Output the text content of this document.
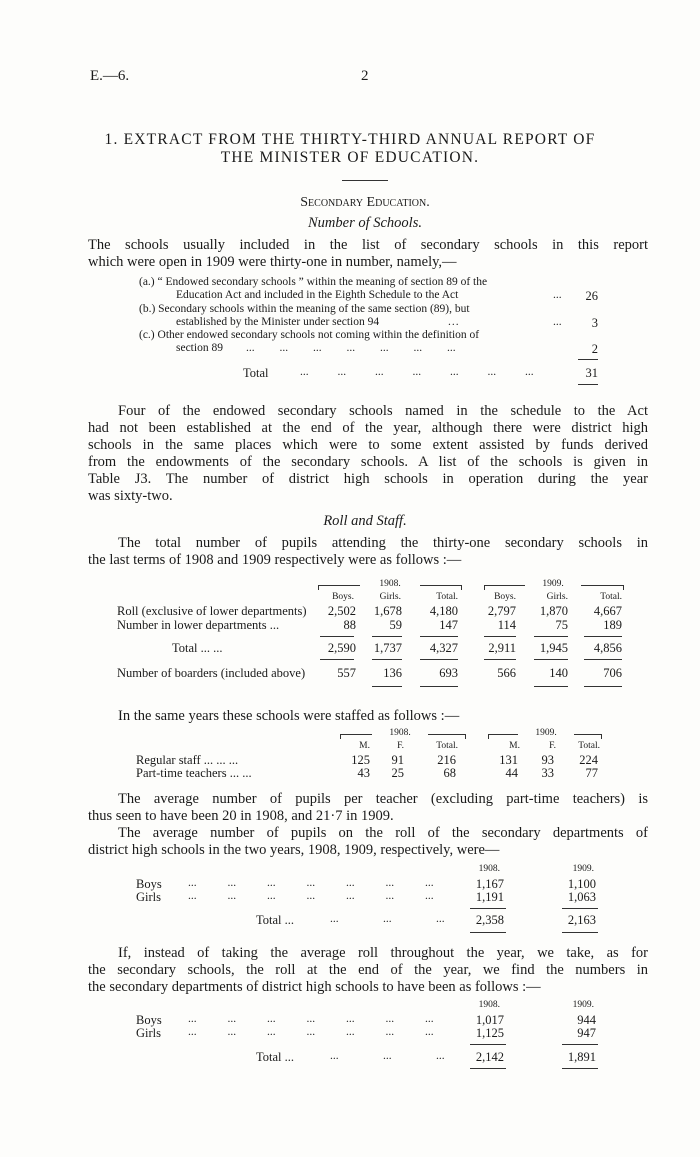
E.—6.	2
1. EXTRACT FROM THE THIRTY-THIRD ANNUAL REPORT OF
THE MINISTER OF EDUCATION.
Secondary Education.
Number of Schools.
The schools usually included in the list of secondary schools in this report
which were open in 1909 were thirty-one in number, namely,—
(a.) “ Endowed secondary schools ” within the meaning of section 89 of the
Education Act and included in the Eighth Schedule to the Act	...	26
(b.) Secondary schools within the meaning of the same section (89), but
established by the Minister under section 94	...	...	3
(c.) Other endowed secondary schools not coming within the definition of
section 89 ... ... ... ... ... ... ...	2
Total	... ... ... ... ... ... ...	31
Four of the endowed secondary schools named in the schedule to the Act
had not been established at the end of the year, although there were district high
schools in the same places which were to some extent assisted by funds derived
from the endowments of the secondary schools. A list of the schools is given in
Table J3. The number of district high schools in operation during the year
was sixty-two.
Roll and Staff.
The total number of pupils attending the thirty-one secondary schools in
the last terms of 1908 and 1909 respectively were as follows :—
1908.	1909.
Boys.	Girls.	Total.	Boys.	Girls.	Total.
Roll (exclusive of lower departments)	2,502	1,678	4,180	2,797	1,870	4,667
Number in lower departments ...	88	59	147	114	75	189
Total ... ...	2,590	1,737	4,327	2,911	1,945	4,856
Number of boarders (included above)	557	136	693	566	140	706
In the same years these schools were staffed as follows :—
1908.	1909.
M.	F.	Total.	M.	F.	Total.
Regular staff ... ... ...	125	91	216	131	93	224
Part-time teachers ... ...	43	25	68	44	33	77
The average number of pupils per teacher (excluding part-time teachers) is
thus seen to have been 20 in 1908, and 21·7 in 1909.
The average number of pupils on the roll of the secondary departments of
district high schools in the two years, 1908, 1909, respectively, were—
1908.	1909.
Boys ... ... ... ... ... ... ...	1,167	1,100
Girls ... ... ... ... ... ... ...	1,191	1,063
Total ...	...	...	...	2,358	2,163
If, instead of taking the average roll throughout the year, we take, as for
the secondary schools, the roll at the end of the year, we find the numbers in
the secondary departments of district high schools to have been as follows :—
1908.	1909.
Boys ... ... ... ... ... ... ...	1,017	944
Girls ... ... ... ... ... ... ...	1,125	947
Total ...	...	...	...	2,142	1,891
